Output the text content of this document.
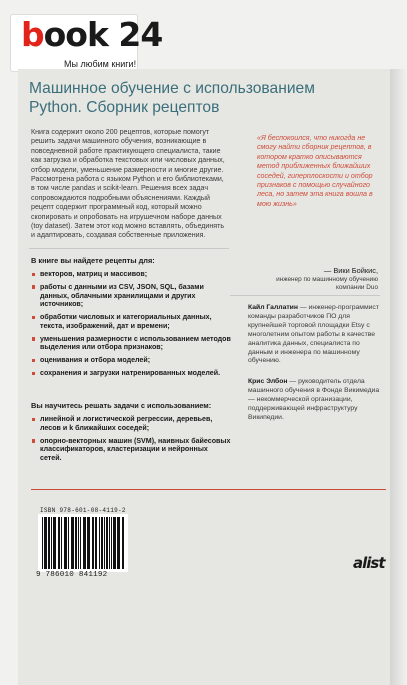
book 24
Мы любим книги!
Машинное обучение с использованием
Python. Сборник рецептов
Книга содержит около 200 рецептов, которые помогут решить задачи машинного обучения, возникающие в повседневной работе практикующего специалиста, такие как загрузка и обработка текстовых или числовых данных, отбор модели, уменьшение размерности и многие другие. Рассмотрена работа с языком Python и его библиотеками, в том числе pandas и scikit-learn. Решения всех задач сопровождаются подробными объяснениями. Каждый рецепт содержит программный код, который можно скопировать и опробовать на игрушечном наборе данных (toy dataset). Затем этот код можно вставлять, объединять и адаптировать, создавая собственные приложения.
«Я беспокоился, что никогда не смогу найти сборник рецептов, в котором кратко описываются метод приближенных ближайших соседей, гиперплоскости и отбор признаков с помощью случайного леса, но затем эта книга вошла в мою жизнь»
— Вики Бойкис,
инженер по машинному обучению компании Duo
В книге вы найдете рецепты для:
векторов, матриц и массивов;
работы с данными из CSV, JSON, SQL, базами данных, облачными хранилищами и других источников;
обработки числовых и категориальных данных, текста, изображений, дат и времени;
уменьшения размерности с использованием методов выделения или отбора признаков;
оценивания и отбора моделей;
сохранения и загрузки натренированных моделей.
Вы научитесь решать задачи с использованием:
линейной и логистической регрессии, деревьев, лесов и k ближайших соседей;
опорно-векторных машин (SVM), наивных байесовых классификаторов, кластеризации и нейронных сетей.
Кайл Галлатин — инженер-программист команды разработчиков ПО для крупнейшей торговой площадки Etsy с многолетним опытом работы в качестве аналитика данных, специалиста по данным и инженера по машинному обучению.
Крис Элбон — руководитель отдела машинного обучения в Фонде Викимедиа — некоммерческой организации, поддерживающей инфраструктуру Википедии.
ISBN 978-601-08-4119-2
9 786010 841192
alist
